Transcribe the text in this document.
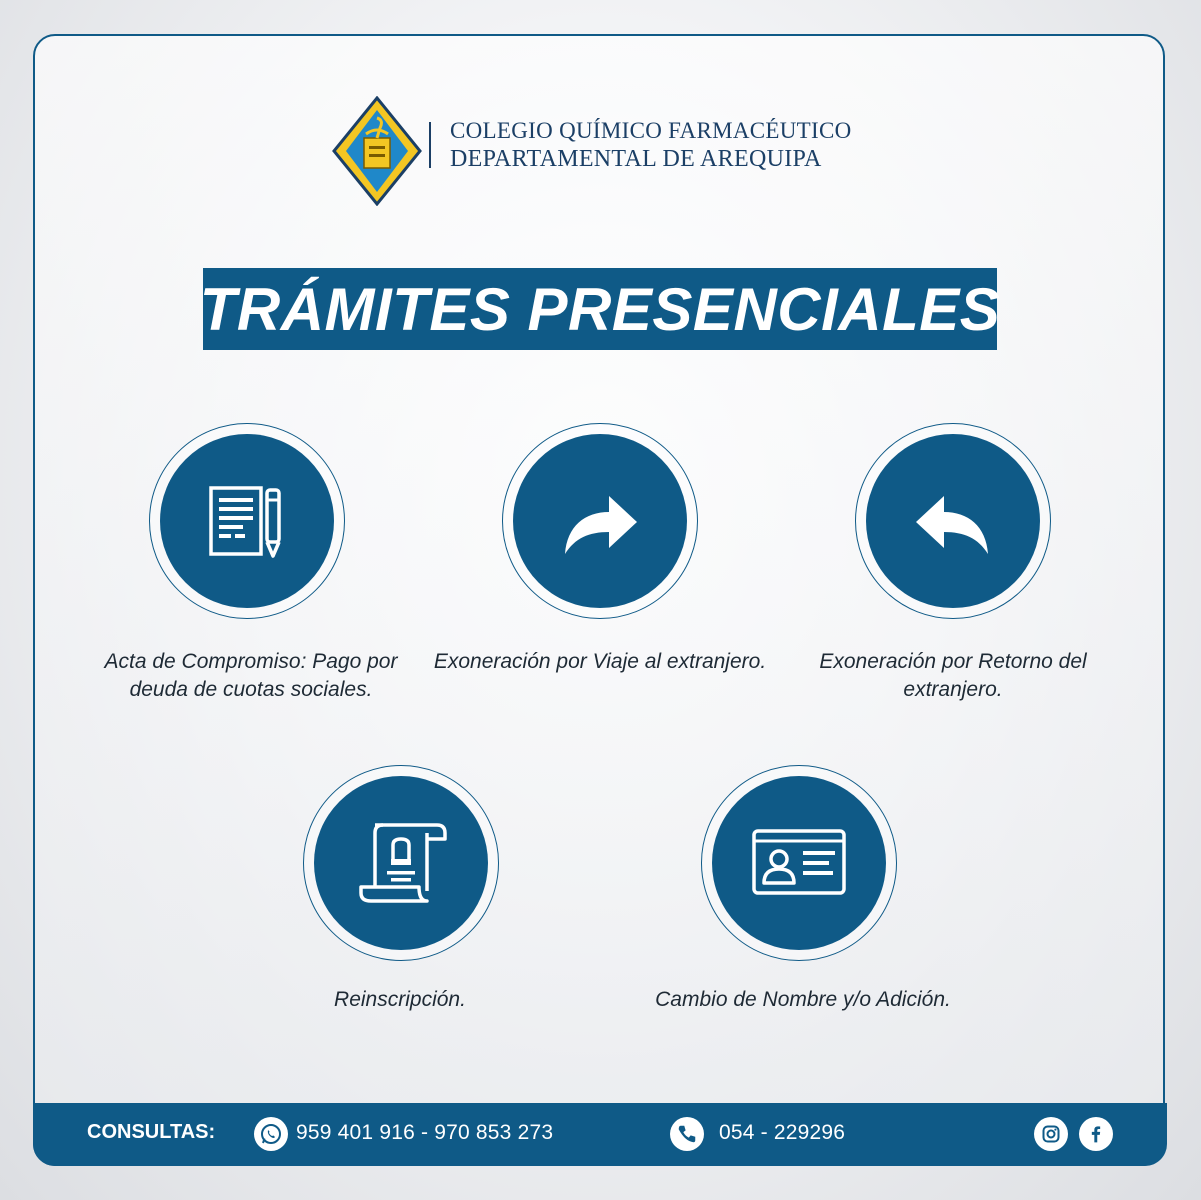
COLEGIO QUÍMICO FARMACÉUTICO
DEPARTAMENTAL DE AREQUIPA
TRÁMITES PRESENCIALES
Acta de Compromiso: Pago por deuda de cuotas sociales.
Exoneración por Viaje al extranjero.	Exoneración por Retorno del extranjero.
Reinscripción.	Cambio de Nombre y/o Adición.
CONSULTAS:	959 401 916 - 970 853 273	054 - 229296
